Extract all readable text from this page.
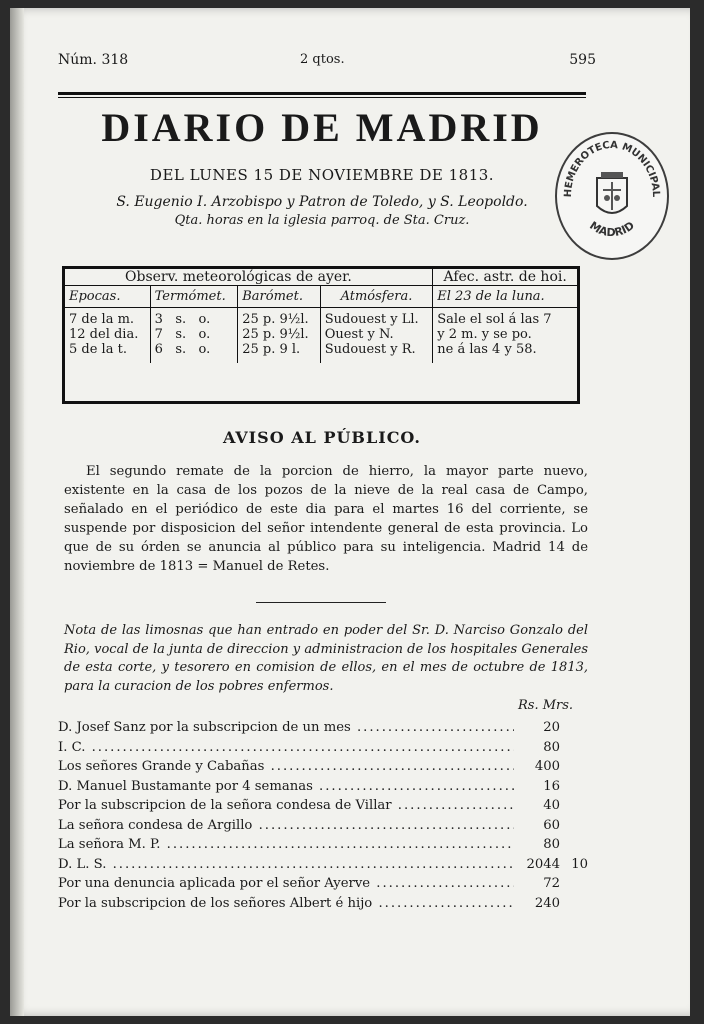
Núm. 318	2 qtos.	595
DIARIO DE MADRID
DEL LUNES 15 DE NOVIEMBRE DE 1813.
S. Eugenio I. Arzobispo y Patron de Toledo, y S. Leopoldo.
Qta. horas en la iglesia parroq. de Sta. Cruz.
HEMEROTECA MUNICIPAL
MADRID
Observ. meteorológicas de ayer.				Afec. astr. de hoi.
Epocas.	Termómet.	Barómet.	Atmósfera.	El 23 de la luna.
7 de la m.	3 s. o.	25 p. 9½l.	Sudouest y Ll.	Sale el sol á las 7
12 del dia.	7 s. o.	25 p. 9½l.	Ouest y N.	y 2 m. y se po.
5 de la t.	6 s. o.	25 p. 9 l.	Sudouest y R.	ne á las 4 y 58.
AVISO AL PÚBLICO.
El segundo remate de la porcion de hierro, la mayor parte nuevo, existente en la casa de los pozos de la nieve de la real casa de Campo, señalado en el periódico de este dia para el martes 16 del corriente, se suspende por disposicion del señor intendente general de esta provincia. Lo que de su órden se anuncia al público para su inteligencia. Madrid 14 de noviembre de 1813 = Manuel de Retes.
Nota de las limosnas que han entrado en poder del Sr. D. Narciso Gonzalo del Rio, vocal de la junta de direccion y administracion de los hospitales Generales de esta corte, y tesorero en comision de ellos, en el mes de octubre de 1813, para la curacion de los pobres enfermos.
Rs. Mrs.
D. Josef Sanz por la subscripcion de un mes .....	20
I. C. .....	80
Los señores Grande y Cabañas .....	400
D. Manuel Bustamante por 4 semanas .....	16
Por la subscripcion de la señora condesa de Villar .....	40
La señora condesa de Argillo .....	60
La señora M. P. .....	80
D. L. S. .....	2044 10
Por una denuncia aplicada por el señor Ayerve .....	72
Por la subscripcion de los señores Albert é hijo .....	240
